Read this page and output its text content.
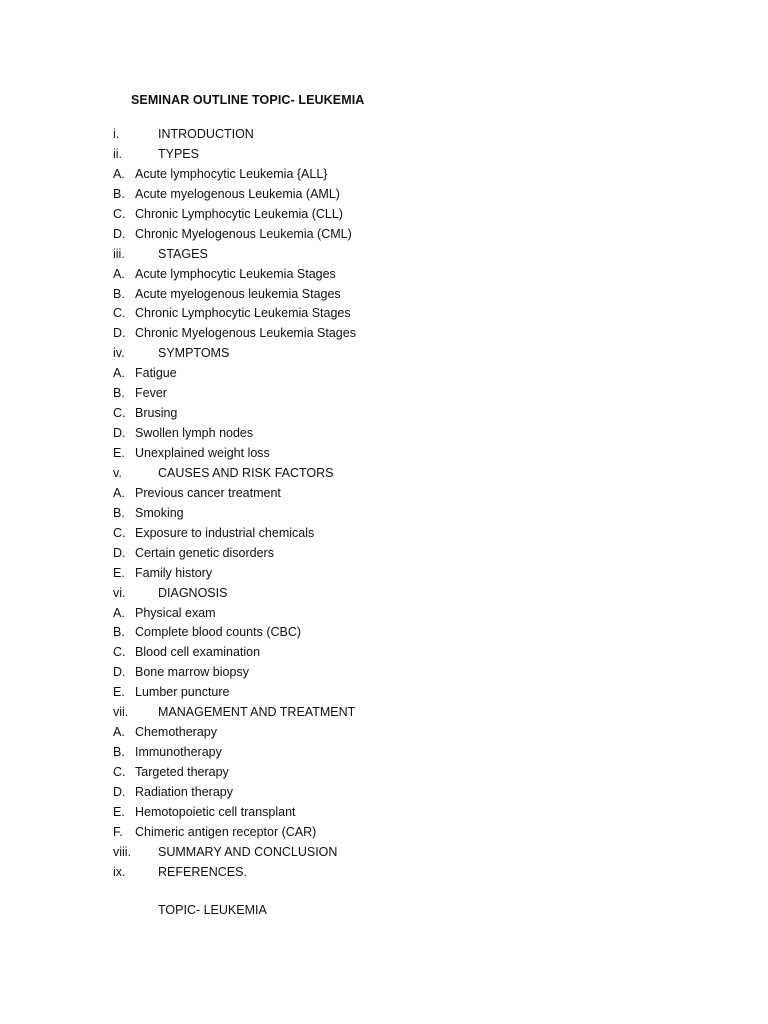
SEMINAR OUTLINE TOPIC- LEUKEMIA
i.	INTRODUCTION
ii.	TYPES
A. Acute lymphocytic Leukemia {ALL}
B. Acute myelogenous Leukemia (AML)
C. Chronic Lymphocytic Leukemia (CLL)
D. Chronic Myelogenous Leukemia (CML)
iii.	STAGES
A. Acute lymphocytic Leukemia Stages
B. Acute myelogenous leukemia Stages
C. Chronic Lymphocytic Leukemia Stages
D. Chronic Myelogenous Leukemia Stages
iv.	SYMPTOMS
A. Fatigue
B. Fever
C. Brusing
D. Swollen lymph nodes
E. Unexplained weight loss
v.	CAUSES AND RISK FACTORS
A. Previous cancer treatment
B. Smoking
C. Exposure to industrial chemicals
D. Certain genetic disorders
E. Family history
vi.	DIAGNOSIS
A. Physical exam
B. Complete blood counts (CBC)
C. Blood cell examination
D. Bone marrow biopsy
E. Lumber puncture
vii. MANAGEMENT AND TREATMENT
A. Chemotherapy
B. Immunotherapy
C. Targeted therapy
D. Radiation therapy
E. Hemotopoietic cell transplant
F. Chimeric antigen receptor (CAR)
viii. SUMMARY AND CONCLUSION
ix.	REFERENCES.
TOPIC- LEUKEMIA
